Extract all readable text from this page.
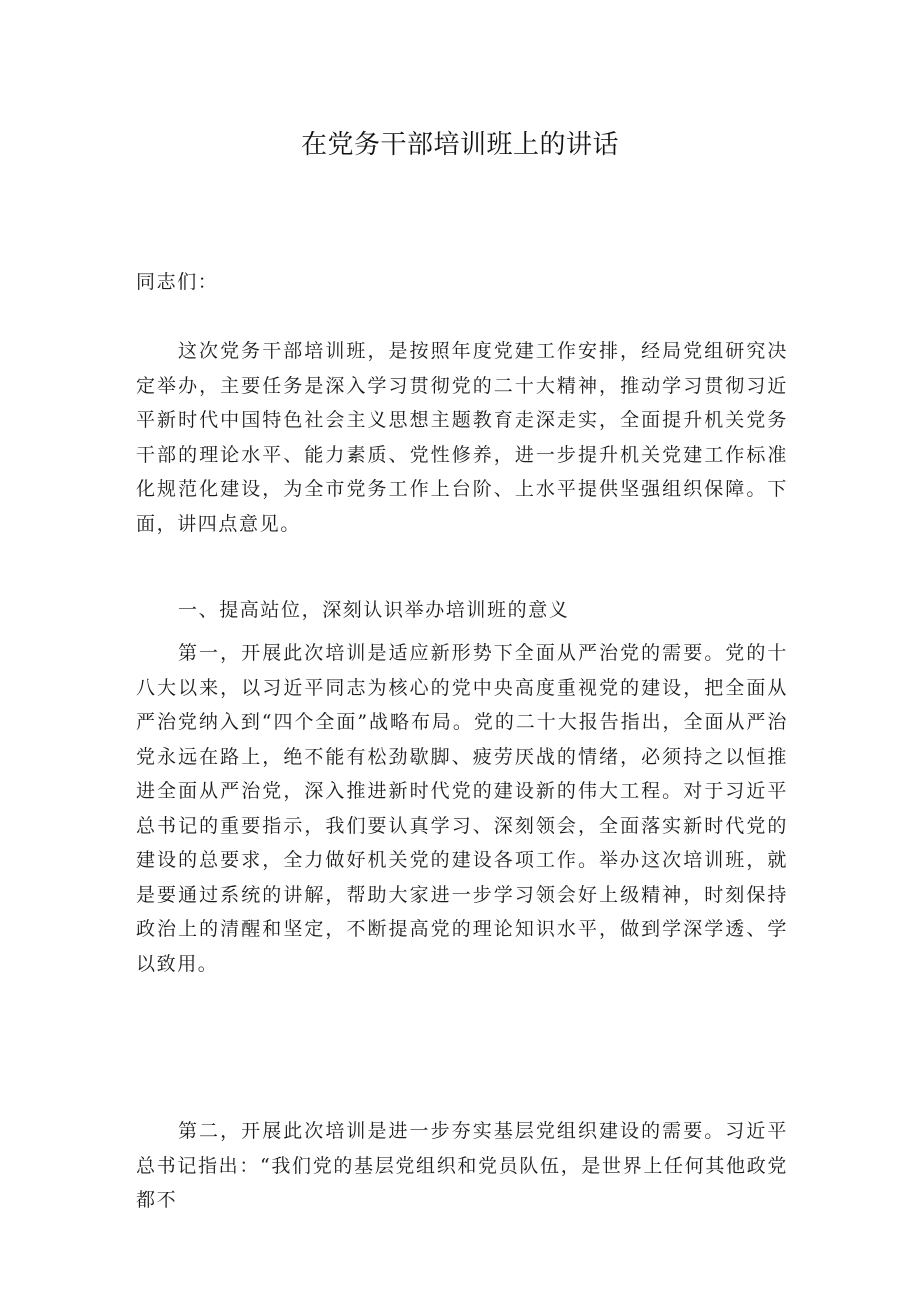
在党务干部培训班上的讲话

同志们：

这次党务干部培训班，是按照年度党建工作安排，经局党组研究决定举办，主要任务是深入学习贯彻党的二十大精神，推动学习贯彻习近平新时代中国特色社会主义思想主题教育走深走实，全面提升机关党务干部的理论水平、能力素质、党性修养，进一步提升机关党建工作标准化规范化建设，为全市党务工作上台阶、上水平提供坚强组织保障。下面，讲四点意见。

一、提高站位，深刻认识举办培训班的意义

第一，开展此次培训是适应新形势下全面从严治党的需要。党的十八大以来，以习近平同志为核心的党中央高度重视党的建设，把全面从严治党纳入到“四个全面”战略布局。党的二十大报告指出，全面从严治党永远在路上，绝不能有松劲歇脚、疲劳厌战的情绪，必须持之以恒推进全面从严治党，深入推进新时代党的建设新的伟大工程。对于习近平总书记的重要指示，我们要认真学习、深刻领会，全面落实新时代党的建设的总要求，全力做好机关党的建设各项工作。举办这次培训班，就是要通过系统的讲解，帮助大家进一步学习领会好上级精神，时刻保持政治上的清醒和坚定，不断提高党的理论知识水平，做到学深学透、学以致用。

第二，开展此次培训是进一步夯实基层党组织建设的需要。习近平总书记指出：“我们党的基层党组织和党员队伍，是世界上任何其他政党都不
